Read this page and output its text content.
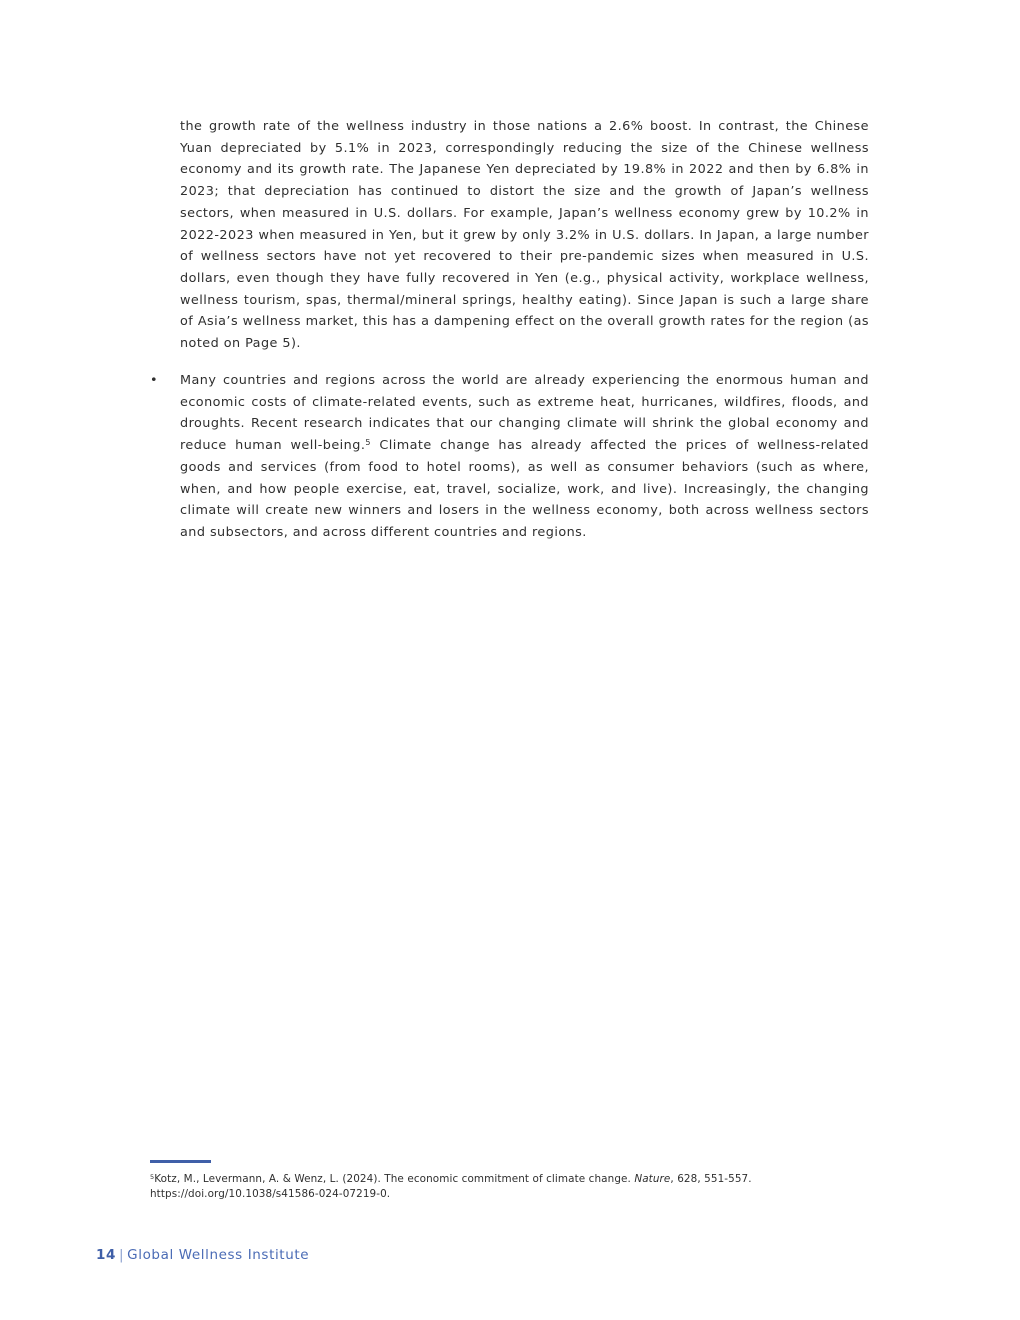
the growth rate of the wellness industry in those nations a 2.6% boost. In contrast, the Chinese Yuan depreciated by 5.1% in 2023, correspondingly reducing the size of the Chinese wellness economy and its growth rate. The Japanese Yen depreciated by 19.8% in 2022 and then by 6.8% in 2023; that depreciation has continued to distort the size and the growth of Japan’s wellness sectors, when measured in U.S. dollars. For example, Japan’s wellness economy grew by 10.2% in 2022-2023 when measured in Yen, but it grew by only 3.2% in U.S. dollars. In Japan, a large number of wellness sectors have not yet recovered to their pre-pandemic sizes when measured in U.S. dollars, even though they have fully recovered in Yen (e.g., physical activity, workplace wellness, wellness tourism, spas, thermal/mineral springs, healthy eating). Since Japan is such a large share of Asia’s wellness market, this has a dampening effect on the overall growth rates for the region (as noted on Page 5).

•	Many countries and regions across the world are already experiencing the enormous human and economic costs of climate-related events, such as extreme heat, hurricanes, wildfires, floods, and droughts. Recent research indicates that our changing climate will shrink the global economy and reduce human well-being.$^5$ Climate change has already affected the prices of wellness-related goods and services (from food to hotel rooms), as well as consumer behaviors (such as where, when, and how people exercise, eat, travel, socialize, work, and live). Increasingly, the changing climate will create new winners and losers in the wellness economy, both across wellness sectors and subsectors, and across different countries and regions.

$^5$Kotz, M., Levermann, A. & Wenz, L. (2024). The economic commitment of climate change. Nature, 628, 551-557.
https://doi.org/10.1038/s41586-024-07219-0.
14 | Global Wellness Institute
